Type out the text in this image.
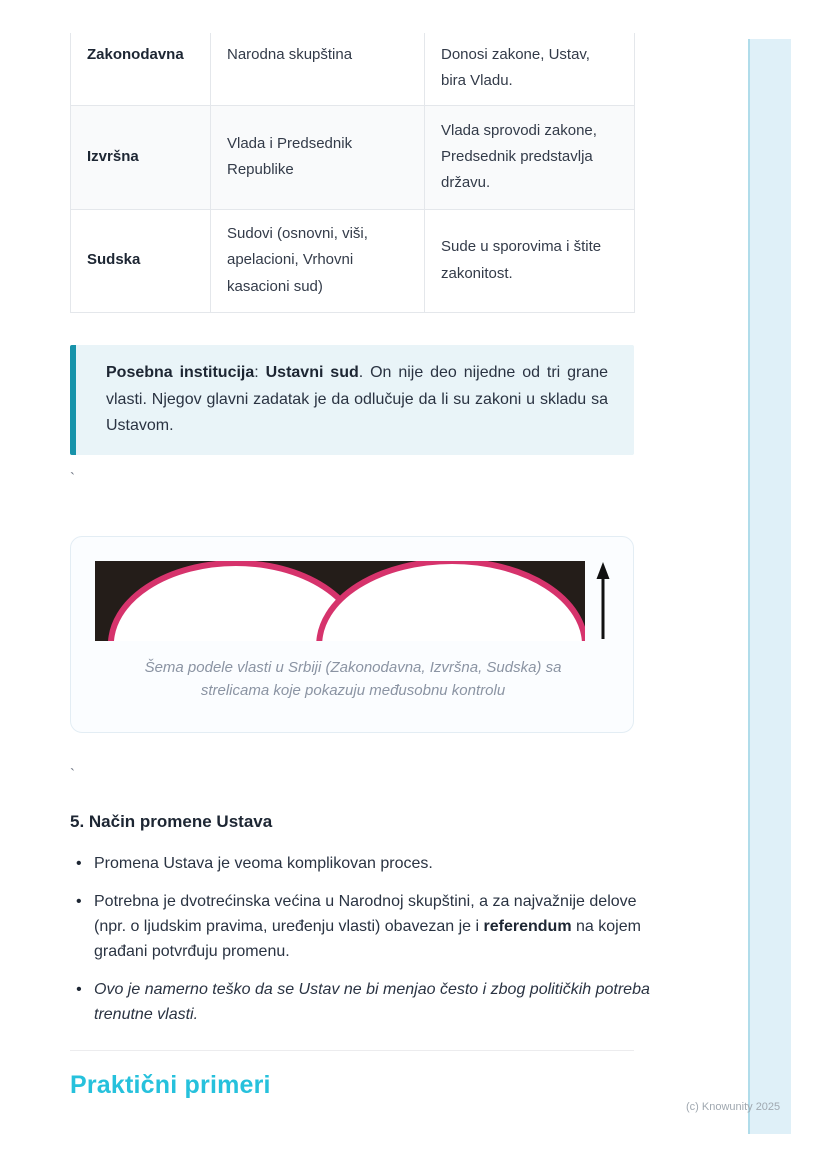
Zakonodavna	Narodna skupština	Donosi zakone, Ustav, bira Vladu.
Izvršna	Vlada i Predsednik Republike	Vlada sprovodi zakone, Predsednik predstavlja državu.
Sudska	Sudovi (osnovni, viši, apelacioni, Vrhovni kasacioni sud)	Sude u sporovima i štite zakonitost.

Posebna institucija: Ustavni sud. On nije deo nijedne od tri grane vlasti. Njegov glavni zadatak je da odlučuje da li su zakoni u skladu sa Ustavom.

`
Šema podele vlasti u Srbiji (Zakonodavna, Izvršna, Sudska) sa strelicama koje pokazuju međusobnu kontrolu
`
5. Način promene Ustava
• Promena Ustava je veoma komplikovan proces.
• Potrebna je dvotrećinska većina u Narodnoj skupštini, a za najvažnije delove (npr. o ljudskim pravima, uređenju vlasti) obavezan je i referendum na kojem građani potvrđuju promenu.
• Ovo je namerno teško da se Ustav ne bi menjao često i zbog političkih potreba trenutne vlasti.
Praktični primeri
(c) Knowunity 2025
